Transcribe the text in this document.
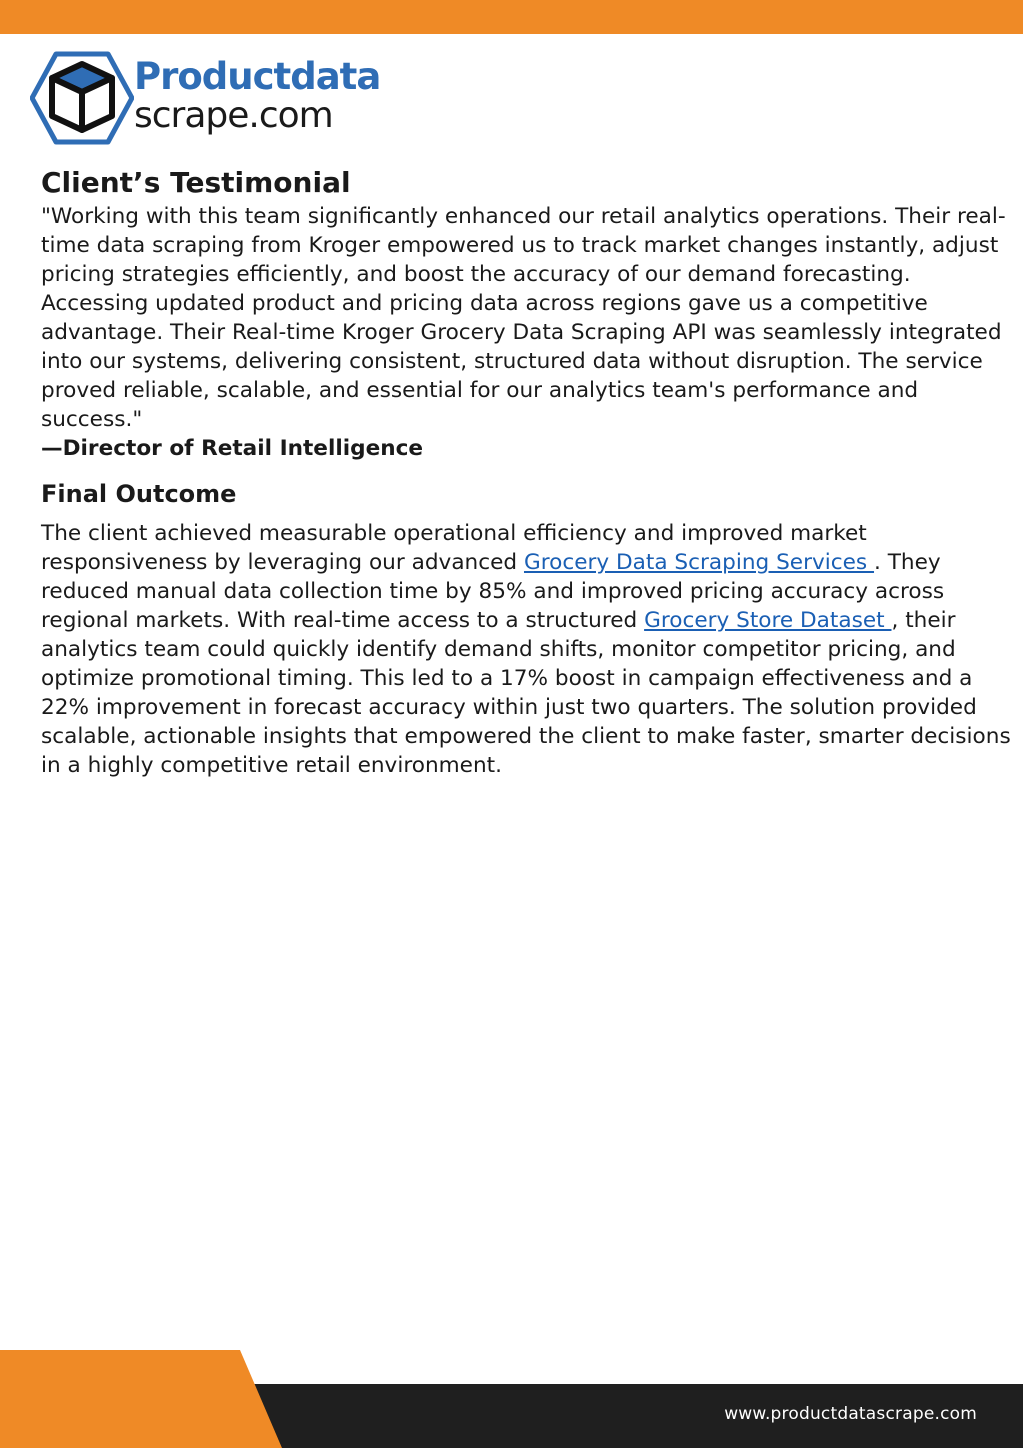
Productdata
scrape.com
Client’s Testimonial

"Working with this team significantly enhanced our retail analytics operations. Their real-time data scraping from Kroger empowered us to track market changes instantly, adjust pricing strategies efficiently, and boost the accuracy of our demand forecasting. Accessing updated product and pricing data across regions gave us a competitive advantage. Their Real-time Kroger Grocery Data Scraping API was seamlessly integrated into our systems, delivering consistent, structured data without disruption. The service proved reliable, scalable, and essential for our analytics team's performance and success."

—Director of Retail Intelligence

Final Outcome

The client achieved measurable operational efficiency and improved market responsiveness by leveraging our advanced Grocery Data Scraping Services . They reduced manual data collection time by 85% and improved pricing accuracy across regional markets. With real-time access to a structured Grocery Store Dataset , their analytics team could quickly identify demand shifts, monitor competitor pricing, and optimize promotional timing. This led to a 17% boost in campaign effectiveness and a 22% improvement in forecast accuracy within just two quarters. The solution provided scalable, actionable insights that empowered the client to make faster, smarter decisions in a highly competitive retail environment.

www.productdatascrape.com
